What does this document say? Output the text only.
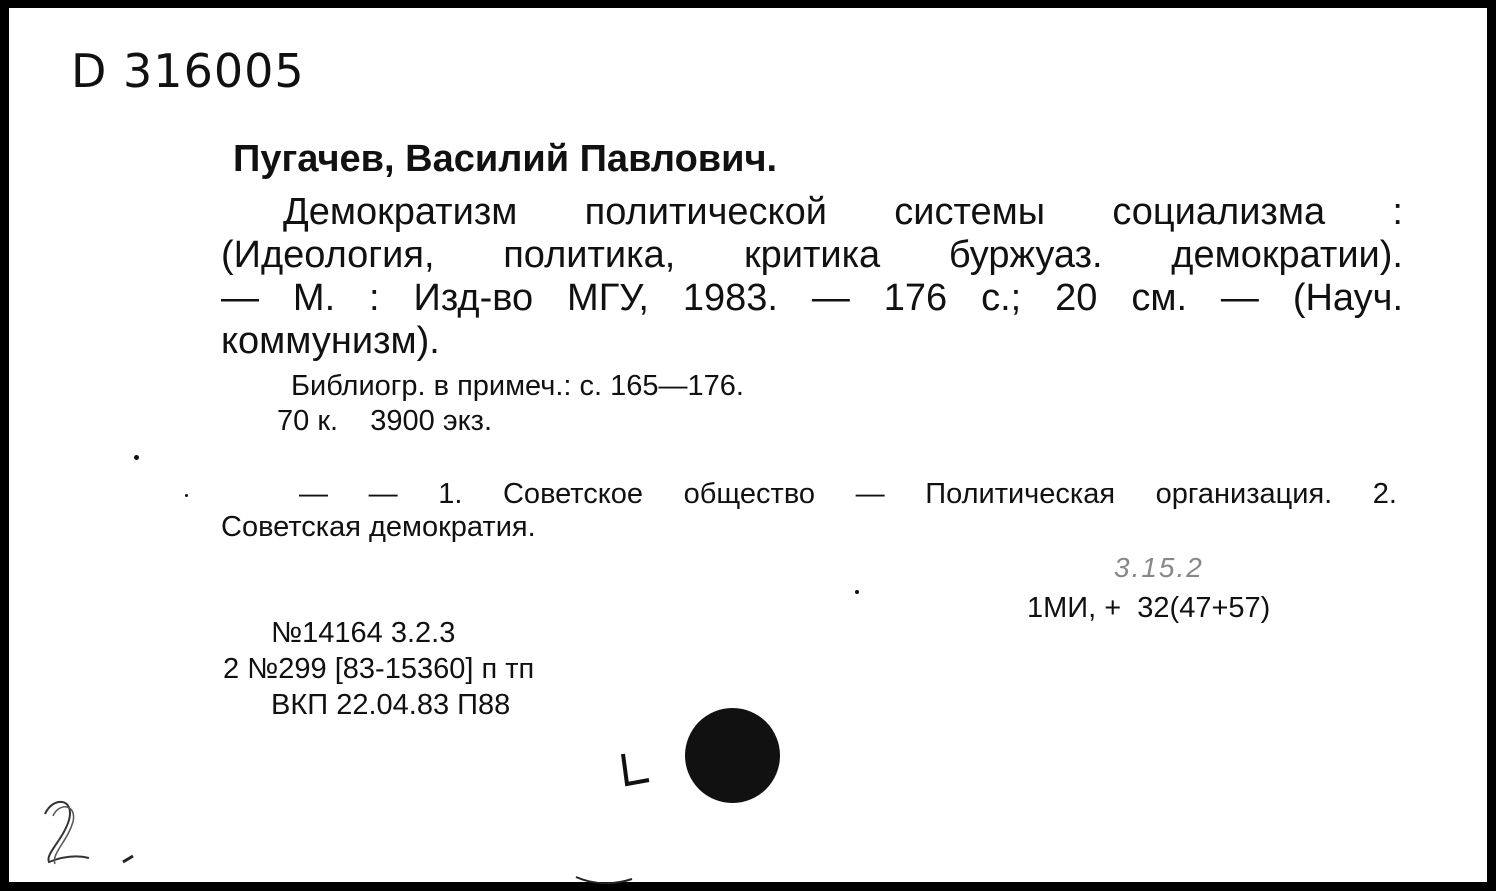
D 316005
Пугачев, Василий Павлович.
Демократизм политической системы социализма :
(Идеология, политика, критика буржуаз. демократии).
— М. : Изд-во МГУ, 1983. — 176 с.; 20 см. — (Науч.
коммунизм).
Библиогр. в примеч.: с. 165—176.
70 к.    3900 экз.
— — 1. Советское общество — Политическая организация. 2.
Советская демократия.
3.15.2
1МИ, +  32(47+57)
№14164 3.2.3
2 №299 [83-15360] п тп
ВКП 22.04.83 П88
